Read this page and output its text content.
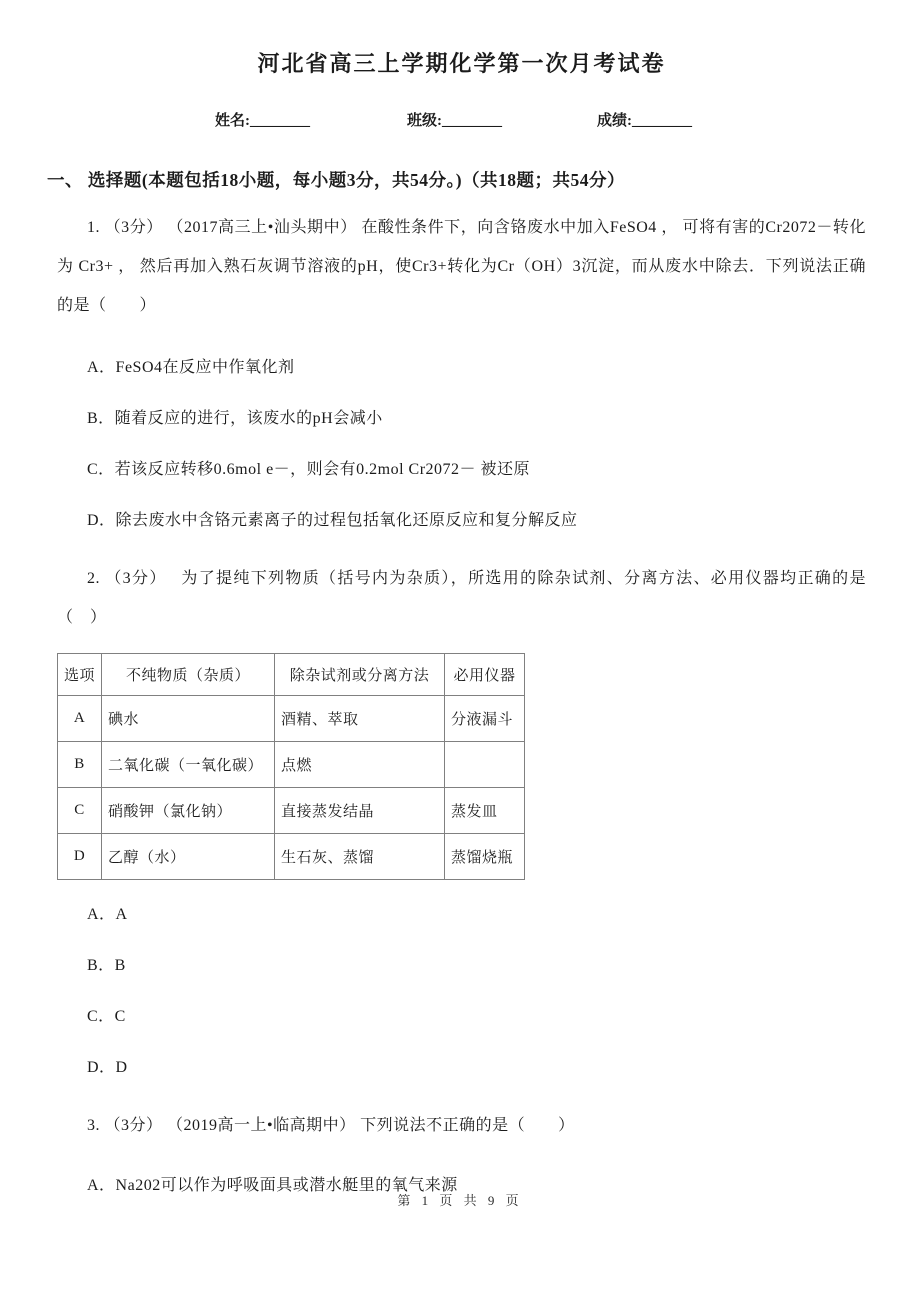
河北省高三上学期化学第一次月考试卷
姓名:________	班级:________	成绩:________
一、 选择题(本题包括18小题，每小题3分，共54分。)（共18题；共54分）

1. （3分） （2017高三上•汕头期中） 在酸性条件下，向含铬废水中加入FeSO4 ， 可将有害的Cr2072－转化为 Cr3+ ， 然后再加入熟石灰调节溶液的pH，使Cr3+转化为Cr（OH）3沉淀，而从废水中除去．下列说法正确的是（　　）

A．FeSO4在反应中作氧化剂

B．随着反应的进行，该废水的pH会减小

C．若该反应转移0.6mol e－，则会有0.2mol Cr2072－ 被还原

D．除去废水中含铬元素离子的过程包括氧化还原反应和复分解反应

2. （3分）　 为了提纯下列物质（括号内为杂质），所选用的除杂试剂、分离方法、必用仪器均正确的是（　）

选项	不纯物质（杂质）	除杂试剂或分离方法	必用仪器
A	碘水	酒精、萃取	分液漏斗
B	二氧化碳（一氧化碳）	点燃	
C	硝酸钾（氯化钠）	直接蒸发结晶	蒸发皿
D	乙醇（水）	生石灰、蒸馏	蒸馏烧瓶

A．A

B．B

C．C

D．D

3. （3分） （2019高一上•临高期中） 下列说法不正确的是（　　）

A．Na202可以作为呼吸面具或潜水艇里的氧气来源

第 1 页 共 9 页
